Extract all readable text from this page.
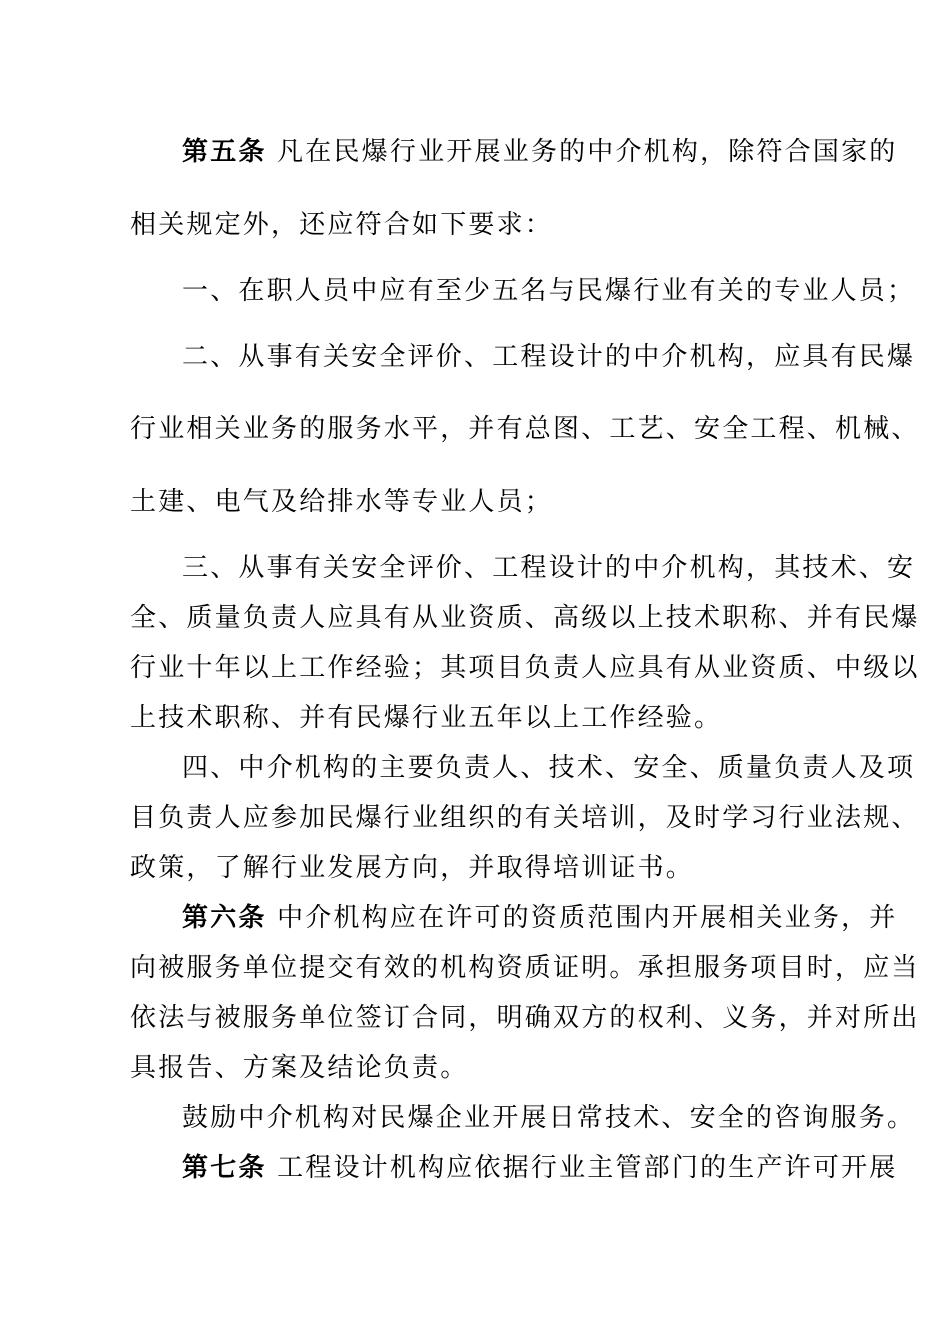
第五条 凡在民爆行业开展业务的中介机构，除符合国家的
相关规定外，还应符合如下要求：
一、在职人员中应有至少五名与民爆行业有关的专业人员；
二、从事有关安全评价、工程设计的中介机构，应具有民爆
行业相关业务的服务水平，并有总图、工艺、安全工程、机械、
土建、电气及给排水等专业人员；
三、从事有关安全评价、工程设计的中介机构，其技术、安
全、质量负责人应具有从业资质、高级以上技术职称、并有民爆
行业十年以上工作经验；其项目负责人应具有从业资质、中级以
上技术职称、并有民爆行业五年以上工作经验。
四、中介机构的主要负责人、技术、安全、质量负责人及项
目负责人应参加民爆行业组织的有关培训，及时学习行业法规、
政策，了解行业发展方向，并取得培训证书。
第六条 中介机构应在许可的资质范围内开展相关业务，并
向被服务单位提交有效的机构资质证明。承担服务项目时，应当
依法与被服务单位签订合同，明确双方的权利、义务，并对所出
具报告、方案及结论负责。
鼓励中介机构对民爆企业开展日常技术、安全的咨询服务。
第七条 工程设计机构应依据行业主管部门的生产许可开展
